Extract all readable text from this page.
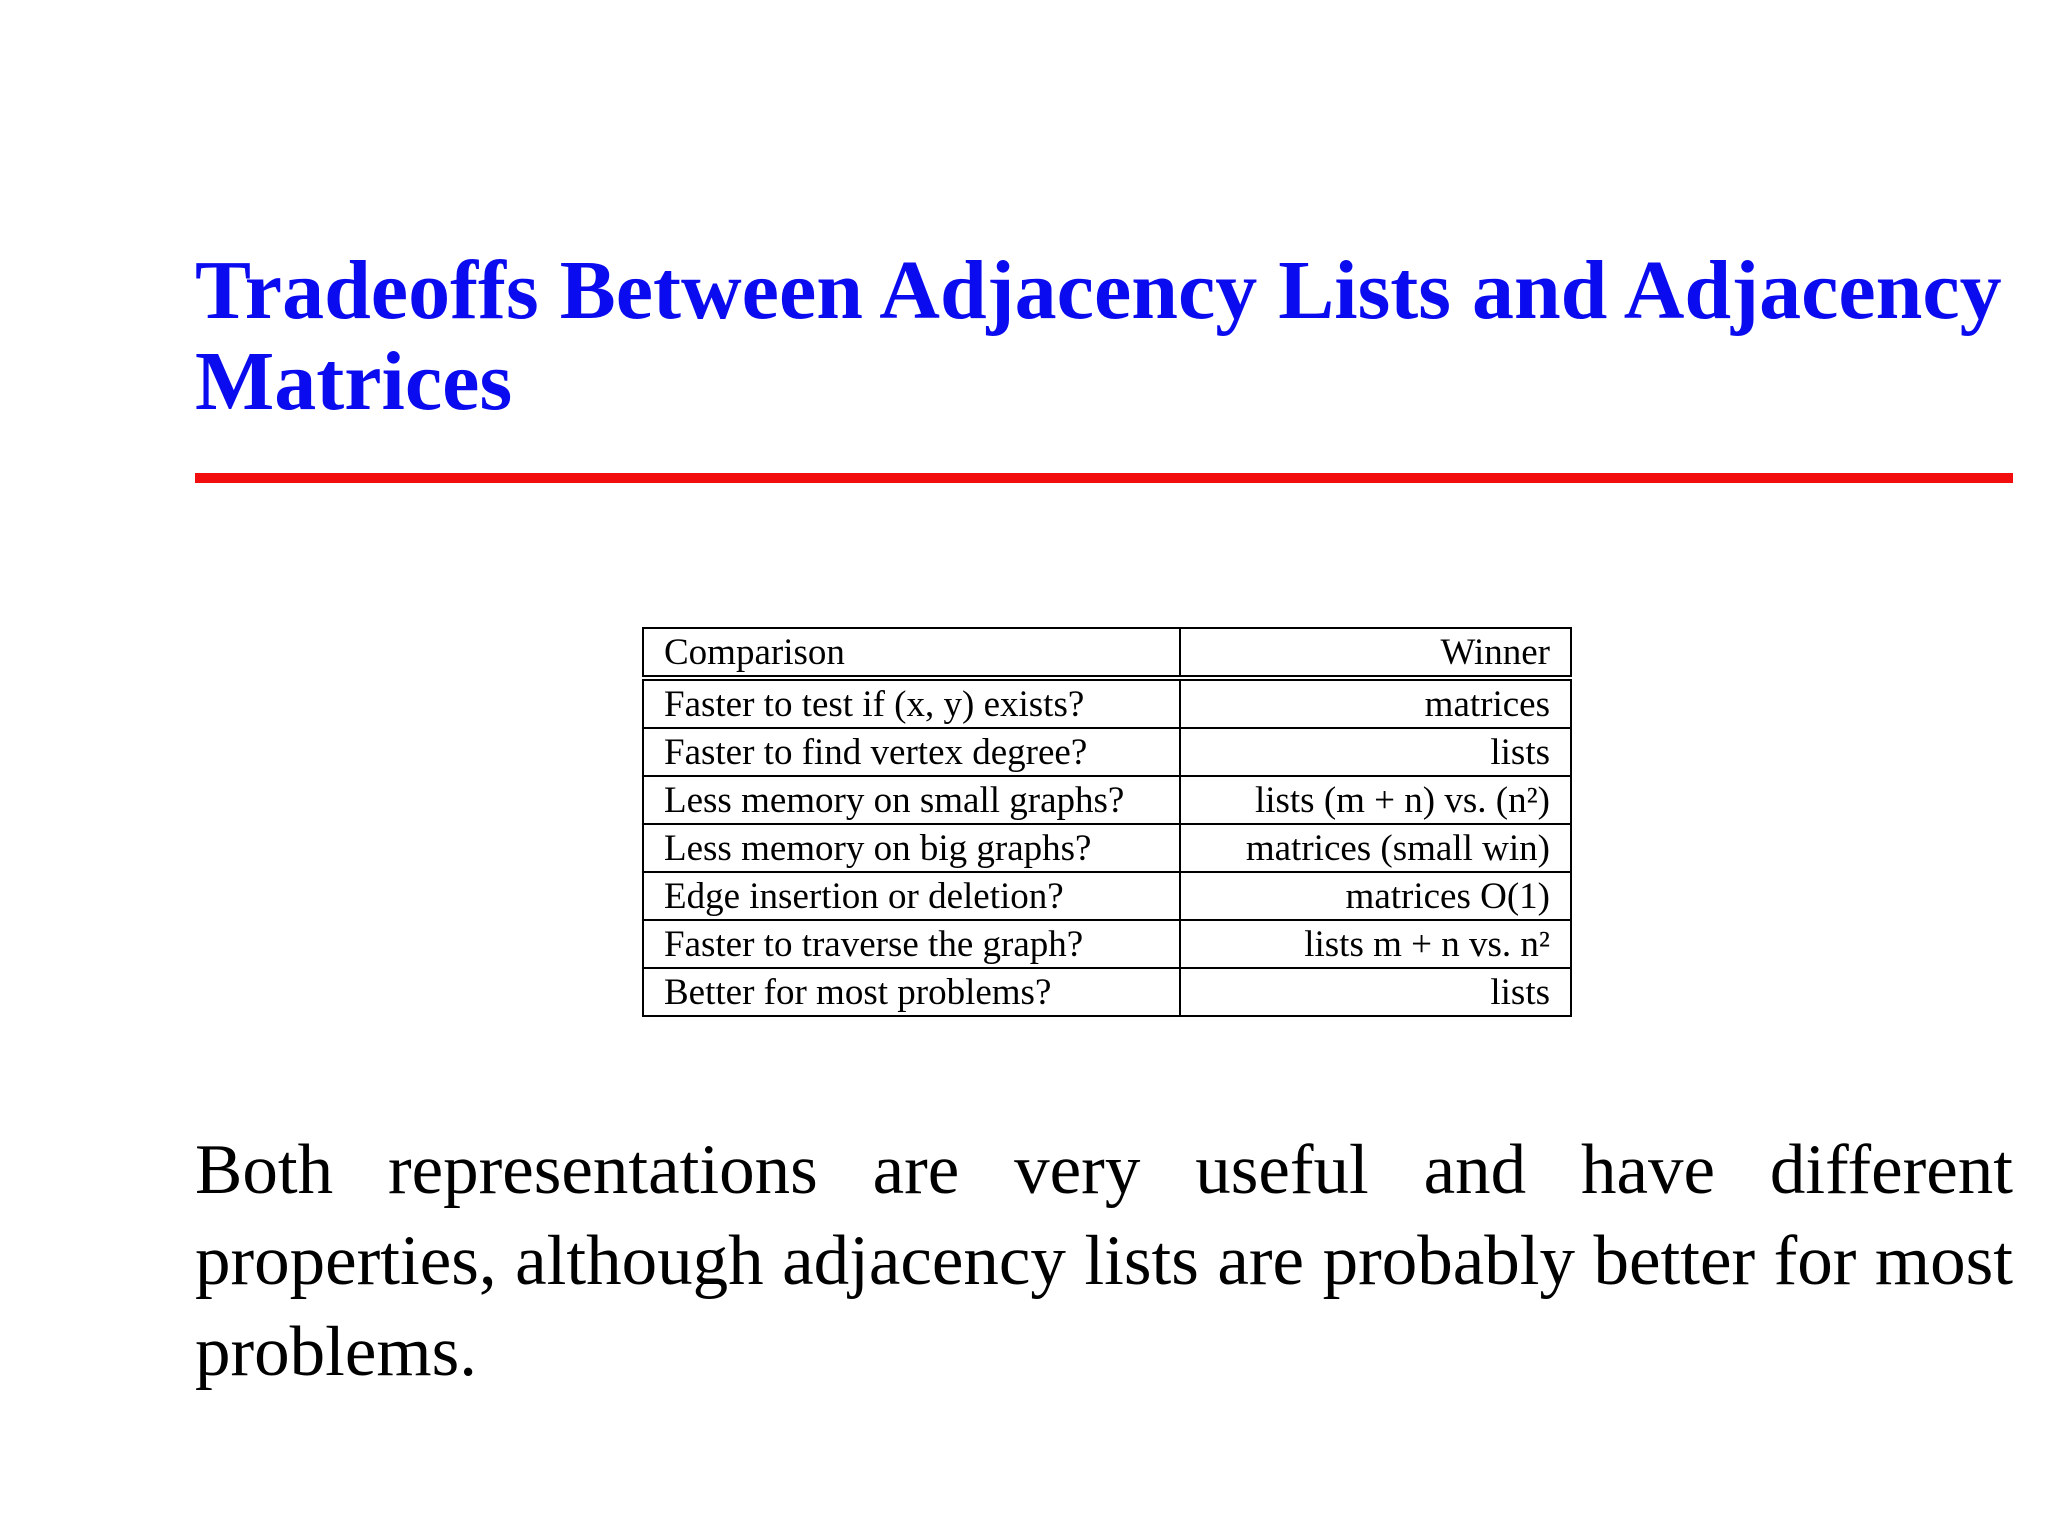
Tradeoffs Between Adjacency Lists and Adjacency Matrices
Comparison	Winner
Faster to test if (x, y) exists?	matrices
Faster to find vertex degree?	lists
Less memory on small graphs?	lists (m + n) vs. (n²)
Less memory on big graphs?	matrices (small win)
Edge insertion or deletion?	matrices O(1)
Faster to traverse the graph?	lists m + n vs. n²
Better for most problems?	lists

Both representations are very useful and have different properties, although adjacency lists are probably better for most problems.
